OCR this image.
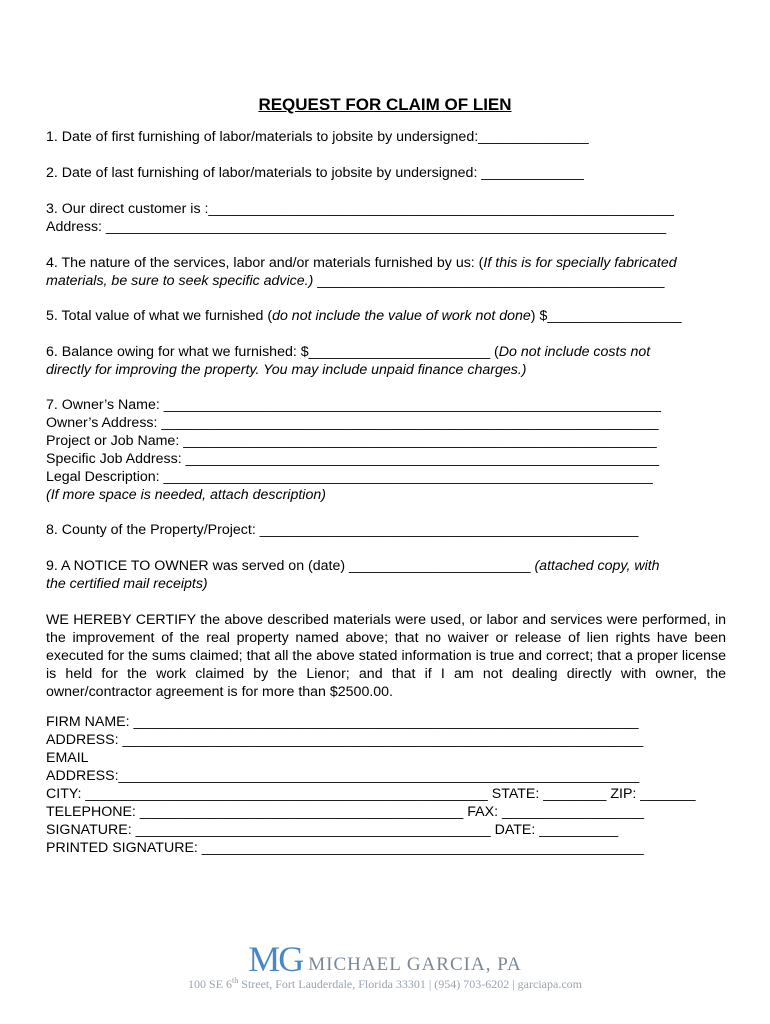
REQUEST FOR CLAIM OF LIEN
1. Date of first furnishing of labor/materials to jobsite by undersigned:______________
2. Date of last furnishing of labor/materials to jobsite by undersigned: _____________
3. Our direct customer is :___________________________________________________________
Address: _______________________________________________________________________
4. The nature of the services, labor and/or materials furnished by us: (If this is for specially fabricated
materials, be sure to seek specific advice.) ____________________________________________
5. Total value of what we furnished (do not include the value of work not done) $_________________
6. Balance owing for what we furnished: $_______________________ (Do not include costs not
directly for improving the property. You may include unpaid finance charges.)
7. Owner’s Name: _______________________________________________________________
Owner’s Address: _______________________________________________________________
Project or Job Name: ____________________________________________________________
Specific Job Address: ____________________________________________________________
Legal Description: ______________________________________________________________
(If more space is needed, attach description)
8. County of the Property/Project: ________________________________________________
9. A NOTICE TO OWNER was served on (date) _______________________ (attached copy, with
the certified mail receipts)
WE HEREBY CERTIFY the above described materials were used, or labor and services were performed, in the improvement of the real property named above; that no waiver or release of lien rights have been executed for the sums claimed; that all the above stated information is true and correct; that a proper license is held for the work claimed by the Lienor; and that if I am not dealing directly with owner, the owner/contractor agreement is for more than $2500.00.
FIRM NAME: ________________________________________________________________
ADDRESS: __________________________________________________________________
EMAIL
ADDRESS:__________________________________________________________________
CITY: ___________________________________________________ STATE: ________ ZIP: _______
TELEPHONE: _________________________________________ FAX: __________________
SIGNATURE: _____________________________________________ DATE: __________
PRINTED SIGNATURE: ________________________________________________________
MG MICHAEL GARCIA, PA
100 SE 6th Street, Fort Lauderdale, Florida 33301 | (954) 703-6202 | garciapa.com
